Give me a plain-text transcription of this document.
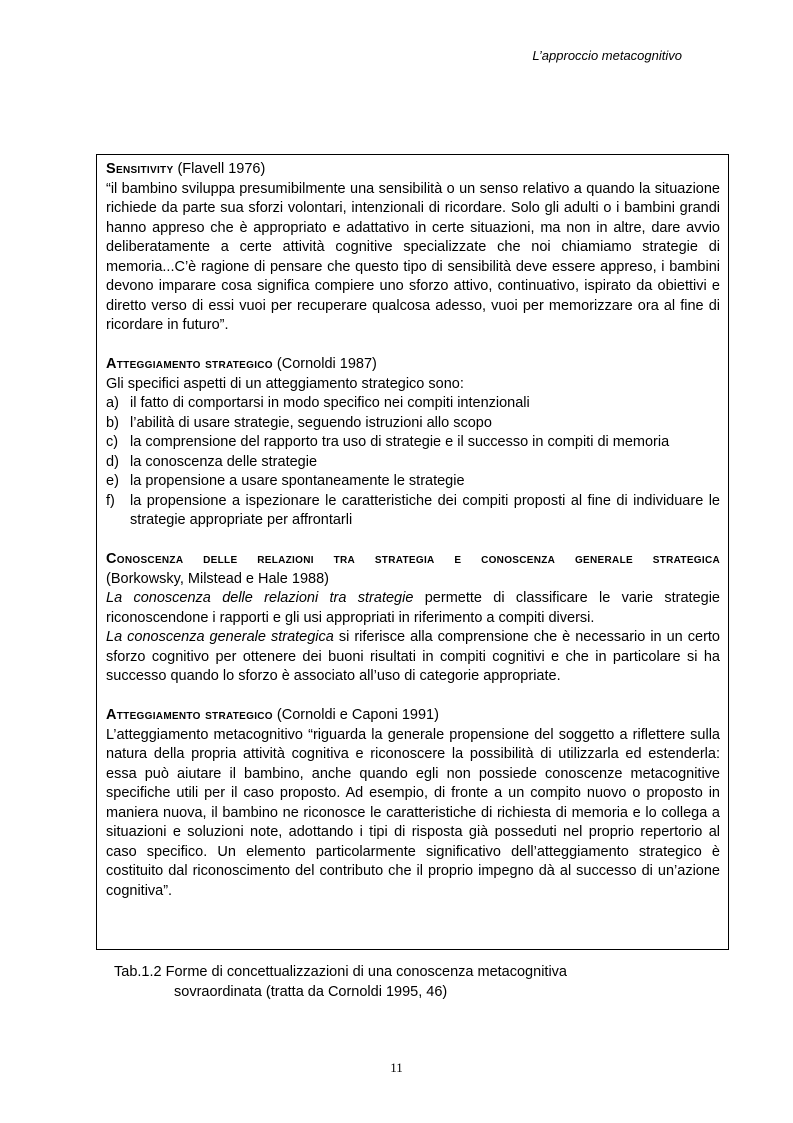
L’approccio metacognitivo

Sensitivity (Flavell 1976)

“il bambino sviluppa presumibilmente una sensibilità o un senso relativo a quando la situazione richiede da parte sua sforzi volontari, intenzionali di ricordare. Solo gli adulti o i bambini grandi hanno appreso che è appropriato e adattativo in certe situazioni, ma non in altre, dare avvio deliberatamente a certe attività cognitive specializzate che noi chiamiamo strategie di memoria...C’è ragione di pensare che questo tipo di sensibilità deve essere appreso, i bambini devono imparare cosa significa compiere uno sforzo attivo, continuativo, ispirato da obiettivi e diretto verso di essi vuoi per recuperare qualcosa adesso, vuoi per memorizzare ora al fine di ricordare in futuro”.

Atteggiamento strategico (Cornoldi 1987)

Gli specifici aspetti di un atteggiamento strategico sono:

a) il fatto di comportarsi in modo specifico nei compiti intenzionali
b) l’abilità di usare strategie, seguendo istruzioni allo scopo
c) la comprensione del rapporto tra uso di strategie e il successo in compiti di memoria
d) la conoscenza delle strategie
e) la propensione a usare spontaneamente le strategie
f)	la propensione a ispezionare le caratteristiche dei compiti proposti al fine di individuare le strategie appropriate per affrontarli

Conoscenza delle relazioni tra strategia e conoscenza generale strategica

(Borkowsky, Milstead e Hale 1988)

La conoscenza delle relazioni tra strategie permette di classificare le varie strategie riconoscendone i rapporti e gli usi appropriati in riferimento a compiti diversi.

La conoscenza generale strategica si riferisce alla comprensione che è necessario in un certo sforzo cognitivo per ottenere dei buoni risultati in compiti cognitivi e che in particolare si ha successo quando lo sforzo è associato all’uso di categorie appropriate.

Atteggiamento strategico (Cornoldi e Caponi 1991)

L’atteggiamento metacognitivo “riguarda la generale propensione del soggetto a riflettere sulla natura della propria attività cognitiva e riconoscere la possibilità di utilizzarla ed estenderla: essa può aiutare il bambino, anche quando egli non possiede conoscenze metacognitive specifiche utili per il caso proposto. Ad esempio, di fronte a un compito nuovo o proposto in maniera nuova, il bambino ne riconosce le caratteristiche di richiesta di memoria e lo collega a situazioni e soluzioni note, adottando i tipi di risposta già posseduti nel proprio repertorio al caso specifico. Un elemento particolarmente significativo dell’atteggiamento strategico è costituito dal riconoscimento del contributo che il proprio impegno dà al successo di un’azione cognitiva”.

Tab.1.2 Forme di concettualizzazioni di una conoscenza metacognitiva
sovraordinata (tratta da Cornoldi 1995, 46)
11
